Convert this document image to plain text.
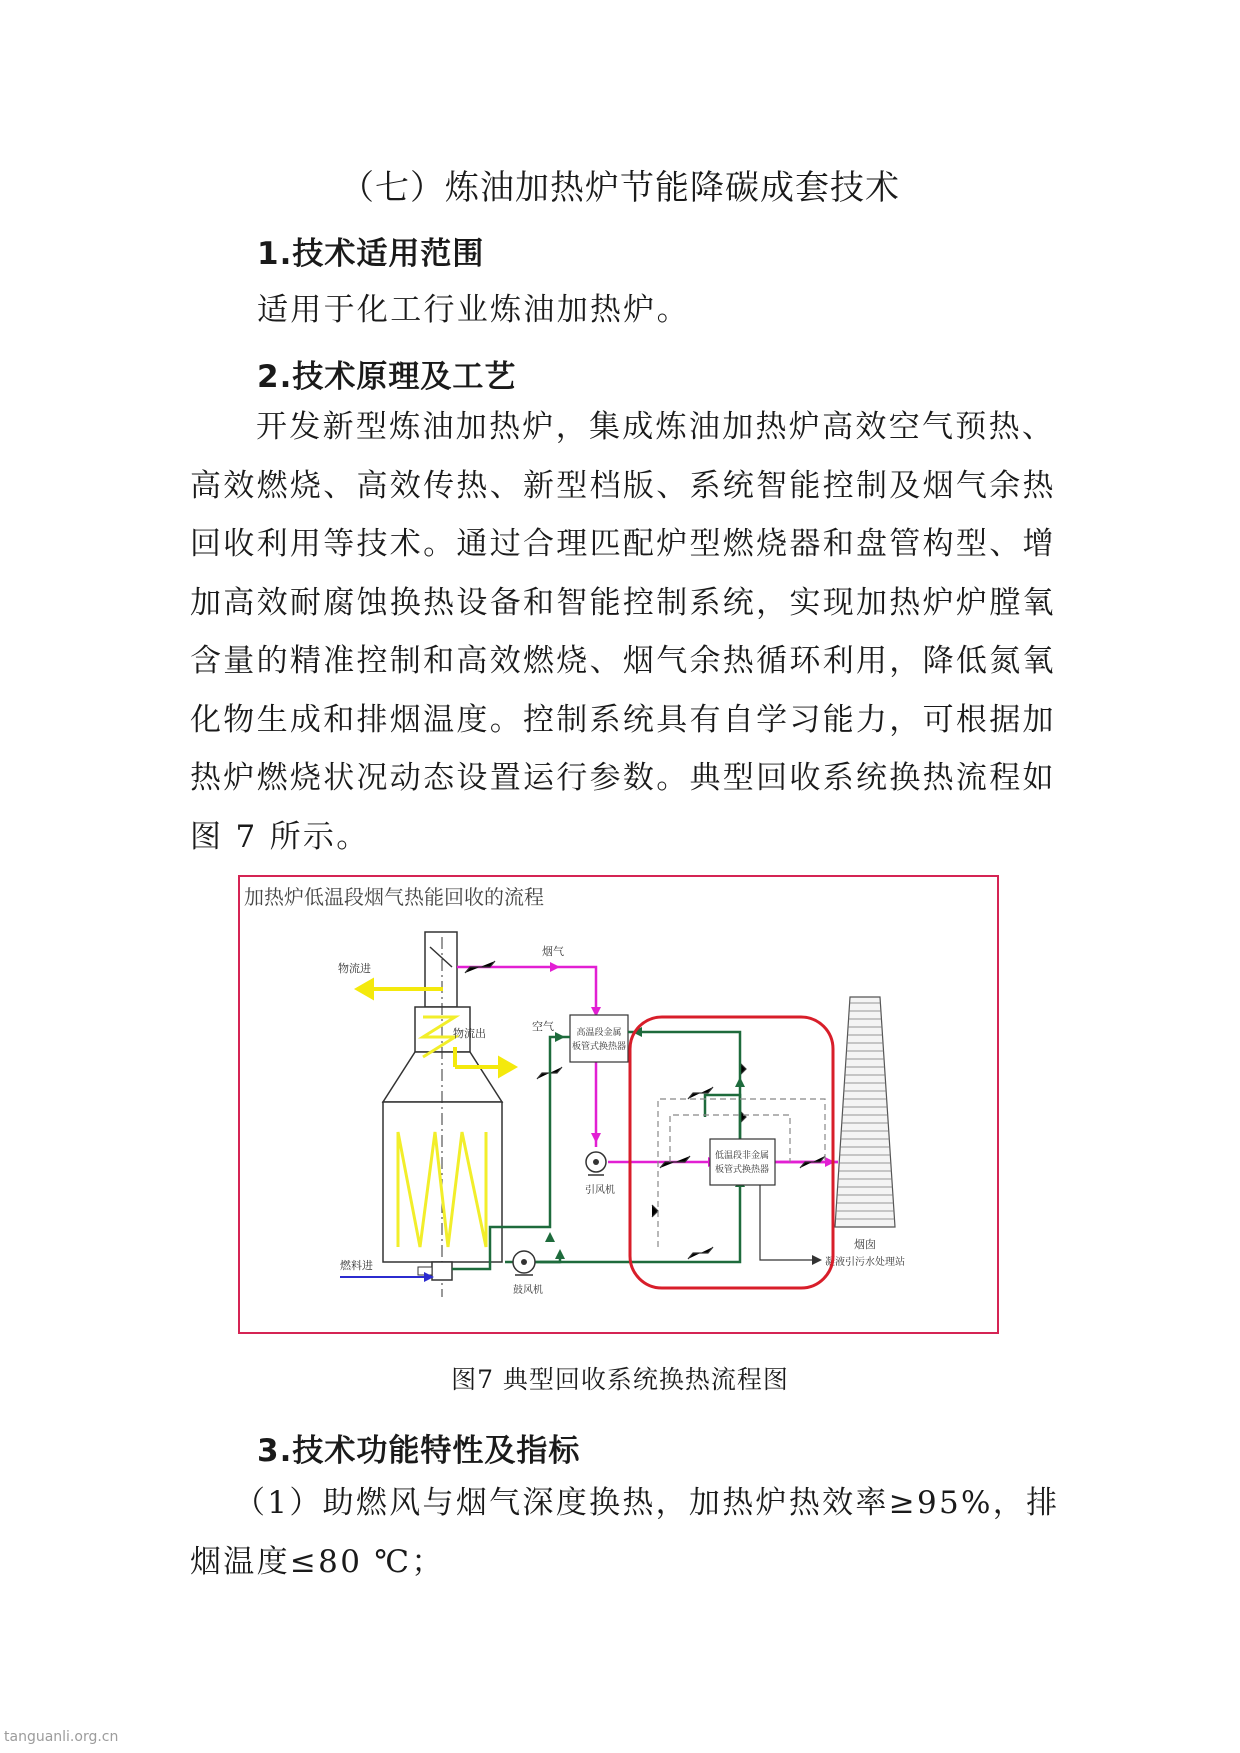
（七）炼油加热炉节能降碳成套技术
1.技术适用范围
适用于化工行业炼油加热炉。
2.技术原理及工艺
开发新型炼油加热炉，集成炼油加热炉高效空气预热、
高效燃烧、高效传热、新型档版、系统智能控制及烟气余热
回收利用等技术。通过合理匹配炉型燃烧器和盘管构型、增
加高效耐腐蚀换热设备和智能控制系统，实现加热炉炉膛氧
含量的精准控制和高效燃烧、烟气余热循环利用，降低氮氧
化物生成和排烟温度。控制系统具有自学习能力，可根据加
热炉燃烧状况动态设置运行参数。典型回收系统换热流程如
图 7 所示。
加热炉低温段烟气热能回收的流程
物流进
物流出
燃料进
烟气
高温段金属
板管式换热器
空气
低温段非金属
板管式换热器
引风机
鼓风机
凝液引污水处理站
烟囱
图7 典型回收系统换热流程图
3.技术功能特性及指标
（1）助燃风与烟气深度换热，加热炉热效率≥95%，排
烟温度≤80 ℃；
tanguanli.org.cn
